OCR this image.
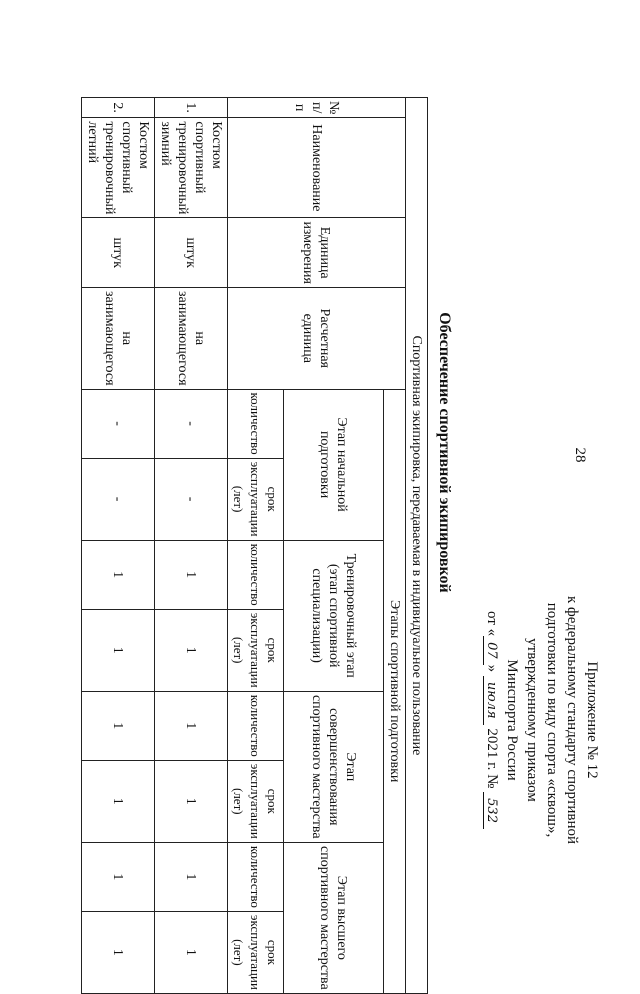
28
Приложение № 12
к федеральному стандарту спортивной
подготовки по виду спорта «сквош»,
утвержденному приказом
Минспорта России
от «07» июля 2021 г. № 532
Обеспечение спортивной экипировкой
Спортивная экипировка, передаваемая в индивидуальное пользование											
№ п/п	Наименование	Единица измерения	Расчетная единица	Этапы спортивной подготовки							
				Этап начальной подготовки		Тренировочный этап (этап спортивной специализации)		Этап совершенствования спортивного мастерства		Этап высшего спортивного мастерства	
				количество	срок эксплуатации (лет)	количество	срок эксплуатации (лет)	количество	срок эксплуатации (лет)	количество	срок эксплуатации (лет)
1.	Костюм спортивный тренировочный зимний	штук	на занимающегося	-	-	1	1	1	1	1	1
2.	Костюм спортивный тренировочный летний	штук	на занимающегося	-	-	1	1	1	1	1	1
